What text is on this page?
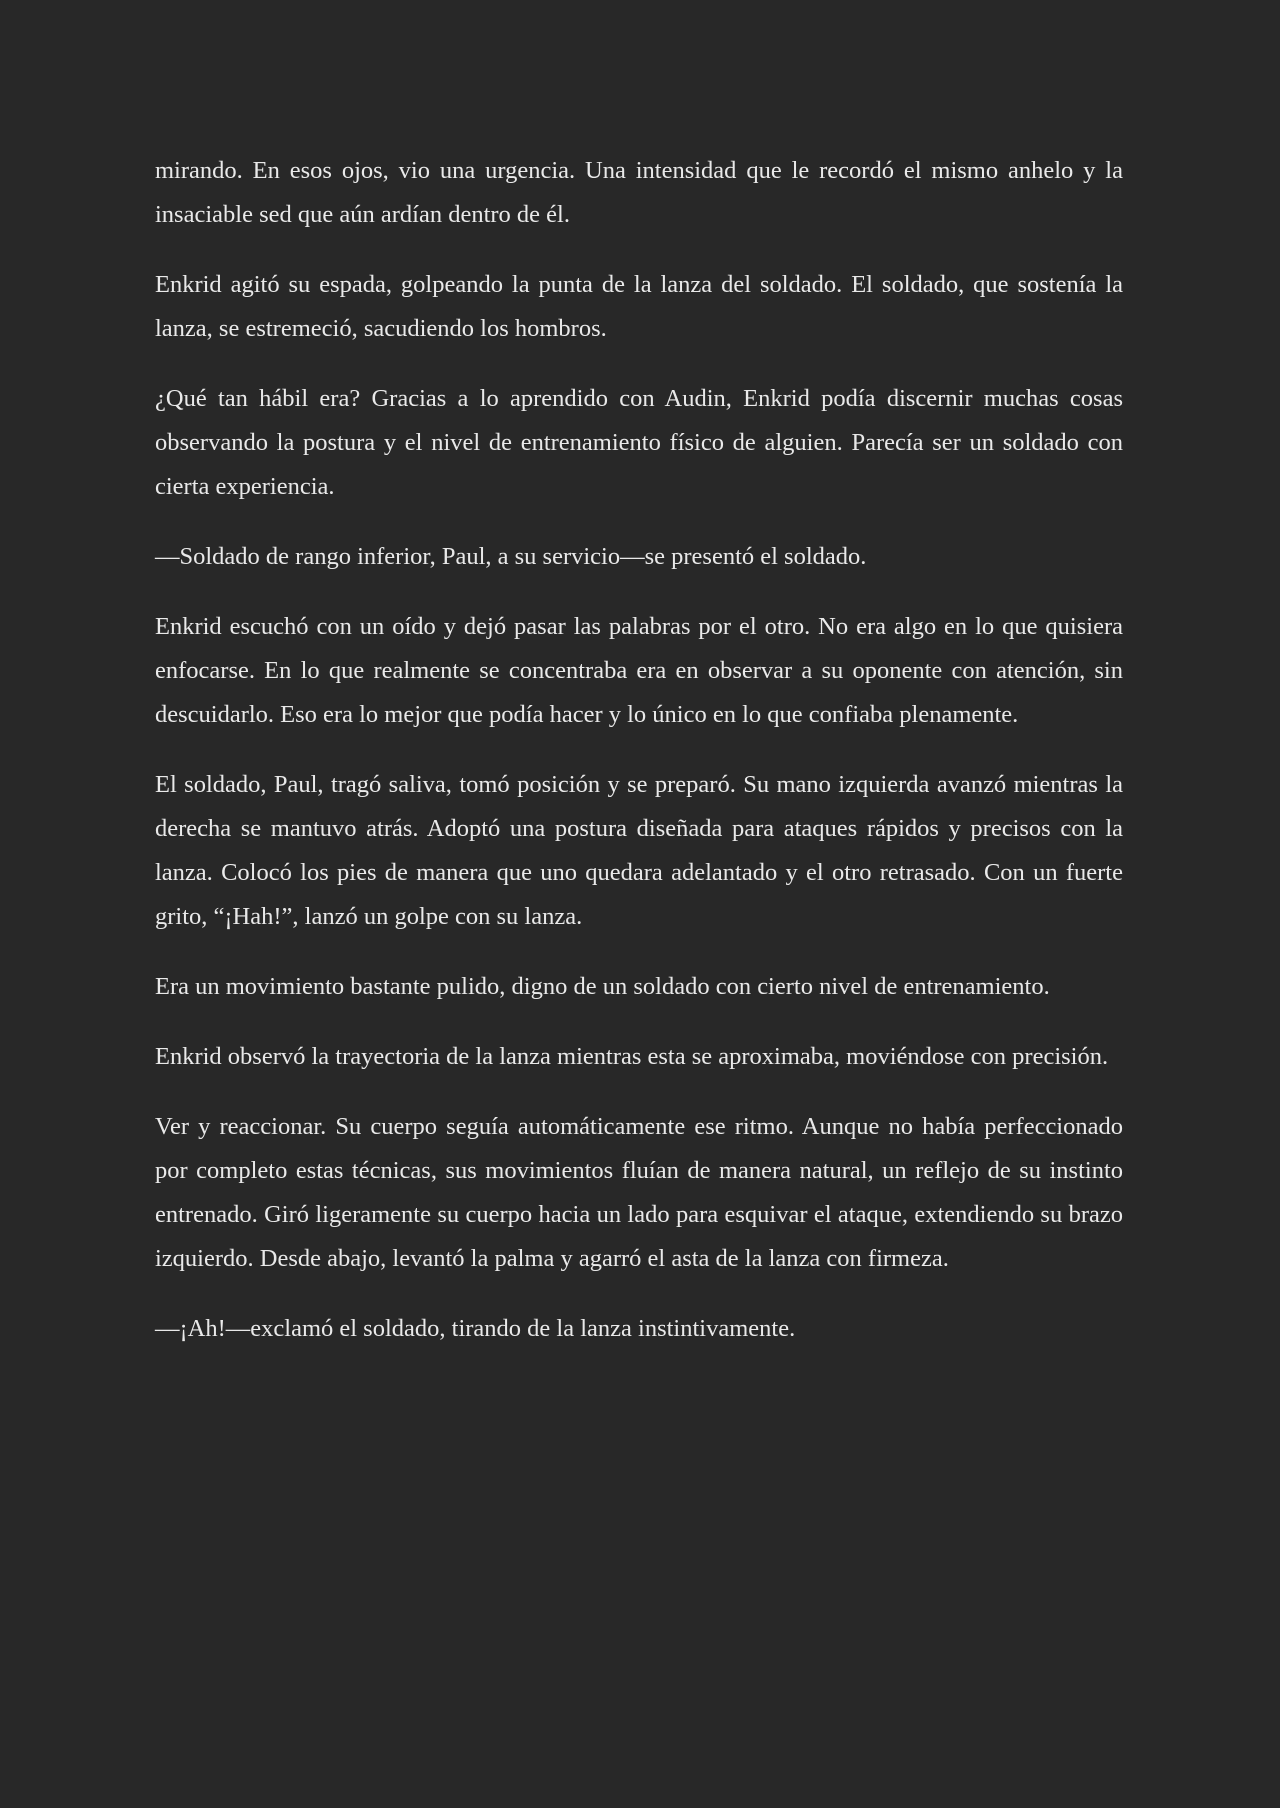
mirando. En esos ojos, vio una urgencia. Una intensidad que le recordó el mismo anhelo y la insaciable sed que aún ardían dentro de él.

Enkrid agitó su espada, golpeando la punta de la lanza del soldado. El soldado, que sostenía la lanza, se estremeció, sacudiendo los hombros.

¿Qué tan hábil era? Gracias a lo aprendido con Audin, Enkrid podía discernir muchas cosas observando la postura y el nivel de entrenamiento físico de alguien. Parecía ser un soldado con cierta experiencia.

—Soldado de rango inferior, Paul, a su servicio—se presentó el soldado.

Enkrid escuchó con un oído y dejó pasar las palabras por el otro. No era algo en lo que quisiera enfocarse. En lo que realmente se concentraba era en observar a su oponente con atención, sin descuidarlo. Eso era lo mejor que podía hacer y lo único en lo que confiaba plenamente.

El soldado, Paul, tragó saliva, tomó posición y se preparó. Su mano izquierda avanzó mientras la derecha se mantuvo atrás. Adoptó una postura diseñada para ataques rápidos y precisos con la lanza. Colocó los pies de manera que uno quedara adelantado y el otro retrasado. Con un fuerte grito, “¡Hah!”, lanzó un golpe con su lanza.

Era un movimiento bastante pulido, digno de un soldado con cierto nivel de entrenamiento.

Enkrid observó la trayectoria de la lanza mientras esta se aproximaba, moviéndose con precisión.

Ver y reaccionar. Su cuerpo seguía automáticamente ese ritmo. Aunque no había perfeccionado por completo estas técnicas, sus movimientos fluían de manera natural, un reflejo de su instinto entrenado. Giró ligeramente su cuerpo hacia un lado para esquivar el ataque, extendiendo su brazo izquierdo. Desde abajo, levantó la palma y agarró el asta de la lanza con firmeza.

—¡Ah!—exclamó el soldado, tirando de la lanza instintivamente.
